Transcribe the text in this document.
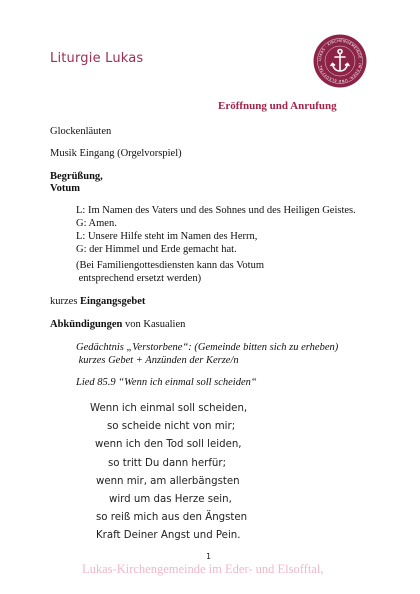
Liturgie Lukas	LUKAS · KIRCHENGEMEINDE · IM EDER- UND ELSOFFTAL
Eröffnung und Anrufung
Glockenläuten
Musik Eingang (Orgelvorspiel)
Begrüßung,
Votum
L: Im Namen des Vaters und des Sohnes und des Heiligen Geistes.
G: Amen.
L: Unsere Hilfe steht im Namen des Herrn,
G: der Himmel und Erde gemacht hat.
(Bei Familiengottesdiensten kann das Votum
entsprechend ersetzt werden)
kurzes Eingangsgebet
Abkündigungen von Kasualien
Gedächtnis „Verstorbene“: (Gemeinde bitten sich zu erheben)
kurzes Gebet + Anzünden der Kerze/n
Lied 85.9 “Wenn ich einmal soll scheiden“
Wenn ich einmal soll scheiden,
so scheide nicht von mir;
wenn ich den Tod soll leiden,
so tritt Du dann herfür;
wenn mir, am allerbängsten
wird um das Herze sein,
so reiß mich aus den Ängsten
Kraft Deiner Angst und Pein.
1
Lukas-Kirchengemeinde im Eder- und Elsofftal,
